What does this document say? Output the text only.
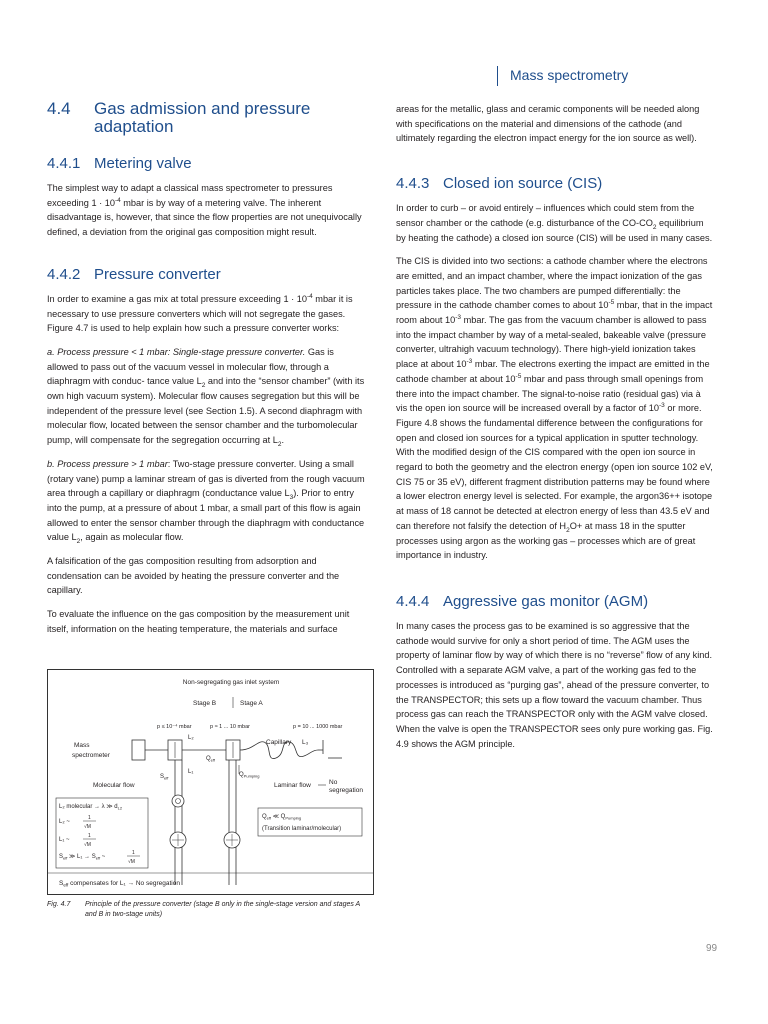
Mass spectrometry
4.4	Gas admission and pressure adaptation
4.4.1 Metering valve

The simplest way to adapt a classical mass spectrometer to pressures exceeding $1 \cdot 10^{-4}$ mbar is by way of a metering valve. The inherent disadvantage is, however, that since the flow properties are not unequivocally defined, a deviation from the original gas composition might result.

4.4.2 Pressure converter

In order to examine a gas mix at total pressure exceeding $1 \cdot 10^{-4}$ mbar it is necessary to use pressure converters which will not segregate the gases. Figure 4.7 is used to help explain how such a pressure converter works:

a. Process pressure < 1 mbar: Single-stage pressure converter. Gas is allowed to pass out of the vacuum vessel in molecular flow, through a diaphragm with conduc- tance value $L_2$ and into the “sensor chamber” (with its own high vacuum system). Molecular flow causes segregation but this will be independent of the pressure level (see Section 1.5). A second diaphragm with molecular flow, located between the sensor chamber and the turbomolecular pump, will compensate for the segregation occurring at $L_2$.

b. Process pressure > 1 mbar: Two-stage pressure converter. Using a small (rotary vane) pump a laminar stream of gas is diverted from the rough vacuum area through a capillary or diaphragm (conductance value $L_3$). Prior to entry into the pump, at a pressure of about 1 mbar, a small part of this flow is again allowed to enter the sensor chamber through the diaphragm with conductance value $L_2$, again as molecular flow.

A falsification of the gas composition resulting from adsorption and condensation can be avoided by heating the pressure converter and the capillary.

To evaluate the influence on the gas composition by the measurement unit itself, information on the heating temperature, the materials and surface

areas for the metallic, glass and ceramic components will be needed along with specifications on the material and dimensions of the cathode (and ultimately regarding the electron impact energy for the ion source as well).

4.4.3 Closed ion source (CIS)

In order to curb – or avoid entirely – influences which could stem from the sensor chamber or the cathode (e.g. disturbance of the $CO-CO_2$ equilibrium by heating the cathode) a closed ion source (CIS) will be used in many cases.

The CIS is divided into two sections: a cathode chamber where the electrons are emitted, and an impact chamber, where the impact ionization of the gas particles takes place. The two chambers are pumped differentially: the pressure in the cathode chamber comes to about $10^{-5}$ mbar, that in the impact room about $10^{-3}$ mbar. The gas from the vacuum chamber is allowed to pass into the impact chamber by way of a metal-sealed, bakeable valve (pressure converter, ultrahigh vacuum technology). There high-yield ionization takes place at about $10^{-3}$ mbar. The electrons exerting the impact are emitted in the cathode chamber at about $10^{-5}$ mbar and pass through small openings from there into the impact chamber. The signal-to-noise ratio (residual gas) via à vis the open ion source will be increased overall by a factor of $10^{-3}$ or more. Figure 4.8 shows the fundamental difference between the configurations for open and closed ion sources for a typical application in sputter technology. With the modified design of the CIS compared with the open ion source in regard to both the geometry and the electron energy (open ion source 102 eV, CIS 75 or 35 eV), different fragment distribution patterns may be found where a lower electron energy level is selected. For example, the argon36++ isotope at mass of 18 cannot be detected at electron energy of less than 43.5 eV and can therefore not falsify the detection of $H_2O+$ at mass 18 in the sputter processes using argon as the working gas – processes which are of great importance in industry.

4.4.4 Aggressive gas monitor (AGM)

In many cases the process gas to be examined is so aggressive that the cathode would survive for only a short period of time. The AGM uses the property of laminar flow by way of which there is no “reverse” flow of any kind. Controlled with a separate AGM valve, a part of the working gas fed to the processes is introduced as “purging gas”, ahead of the pressure converter, to the TRANSPECTOR; this sets up a flow toward the vacuum chamber. Thus process gas can reach the TRANSPECTOR only with the AGM valve closed. When the valve is open the TRANSPECTOR sees only pure working gas. Fig. 4.9 shows the AGM principle.

Non-segregating gas inlet system
Stage B	Stage A
p ≤ 10⁻⁴ mbar	p ≈ 1 ... 10 mbar	p = 10 ... 1000 mbar
Mass
spectrometer
Capillary L₃
L₂
L₁
$Q_{eff}$
$Q_{Pumping}$
$S_{eff}$
Molecular flow	Laminar flow	No
segregation
L₂ molecular → λ ≫ $d_{L2}$
L₂ ~
1
√M
L₁ ~
1
√M
$S_{eff}$ ≫ $L_1 \to S_{eff}$ ~
1
√M
$Q_{eff}$ ≪ $Q_{Pumping}$
(Transition laminar/molecular)
$S_{eff}$ compensates for L₁ → No segregation
Fig. 4.7	Principle of the pressure converter (stage B only in the single-stage version and stages A and B in two-stage units)
99
